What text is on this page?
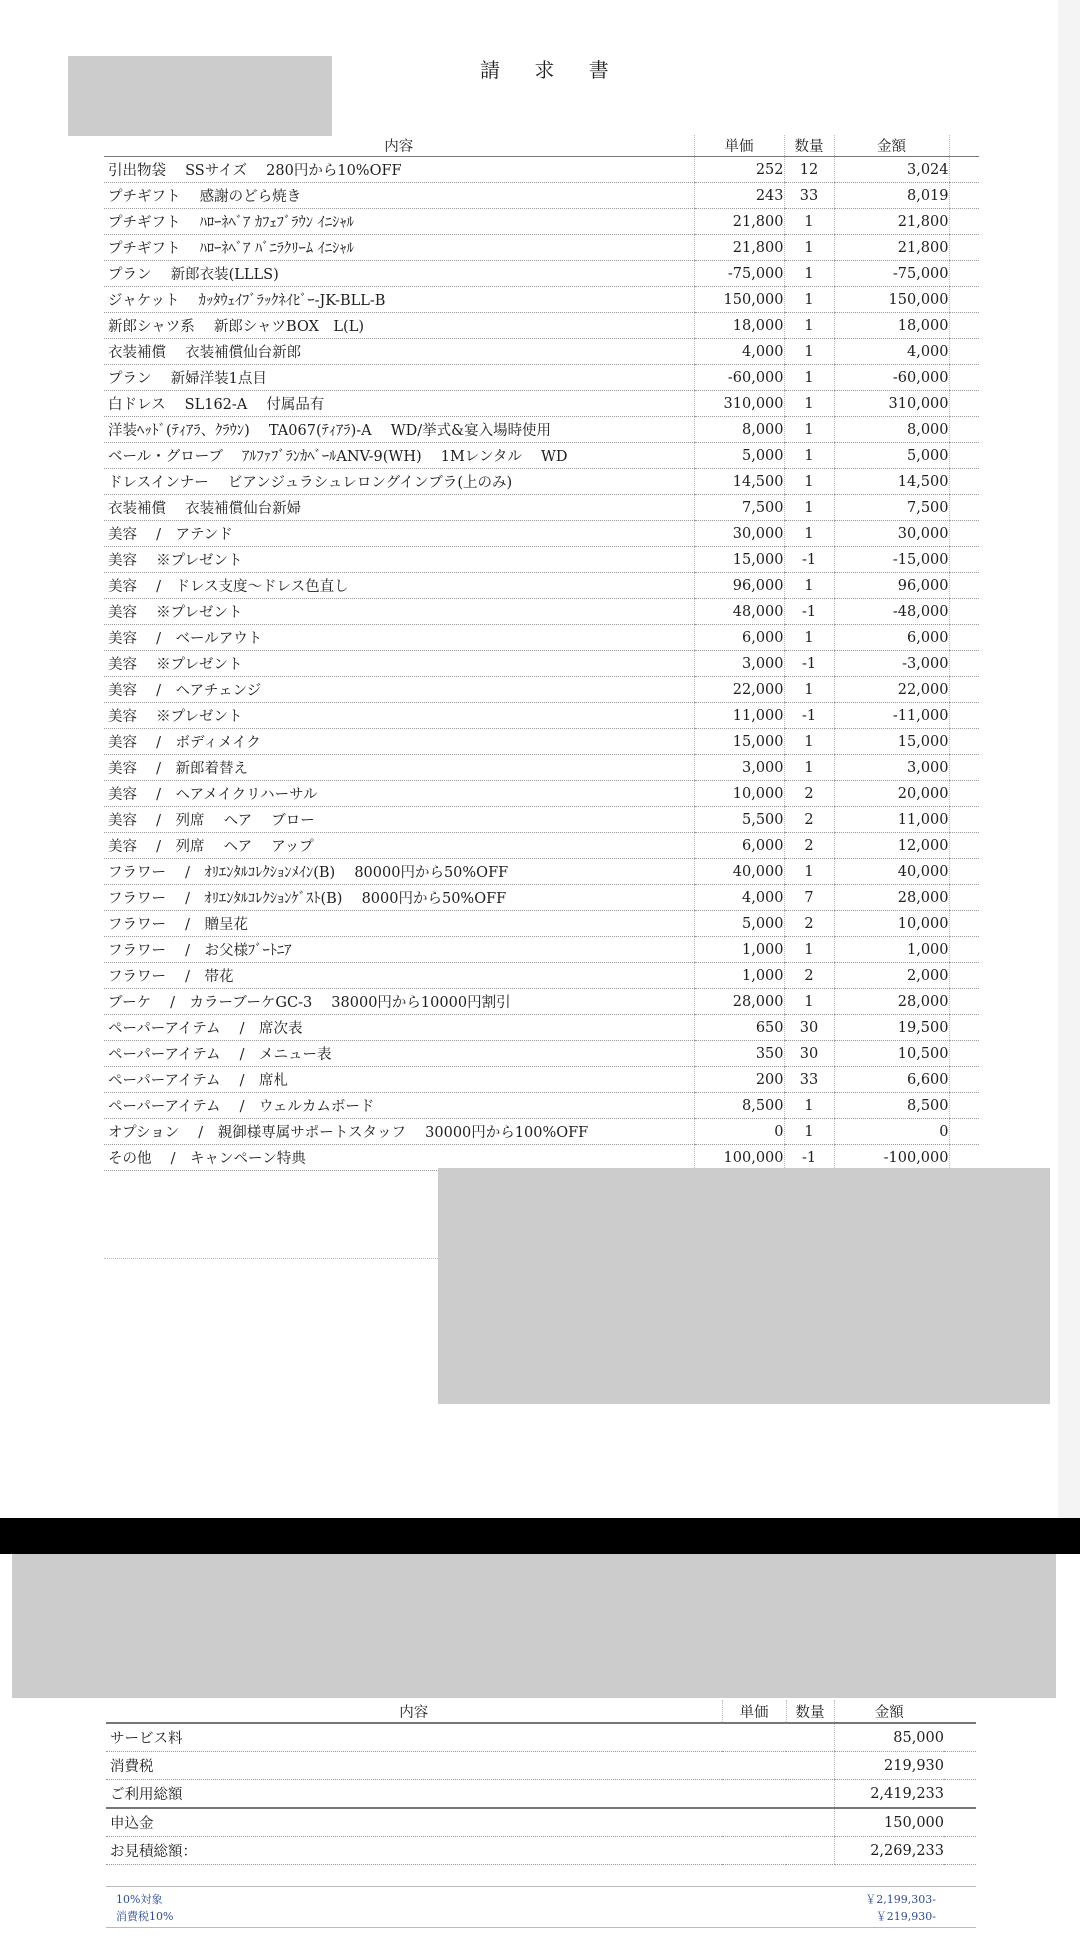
請 求 書
内容	単価	数量	金額	
引出物袋　 SSサイズ　 280円から10%OFF	252	12	3,024	
プチギフト　 感謝のどら焼き	243	33	8,019	
プチギフト　 ﾊﾛｰﾈﾍﾞｱ ｶﾌｪﾌﾞﾗｳﾝ ｲﾆｼｬﾙ	21,800	1	21,800	
プチギフト　 ﾊﾛｰﾈﾍﾞｱ ﾊﾞﾆﾗｸﾘｰﾑ ｲﾆｼｬﾙ	21,800	1	21,800	
プラン　 新郎衣装(LLLS)	-75,000	1	-75,000	
ジャケット　 ｶｯﾀｳｪｲﾌﾞﾗｯｸﾈｲﾋﾞｰ-JK-BLL-B	150,000	1	150,000	
新郎シャツ系　 新郎シャツBOX　L(L)	18,000	1	18,000	
衣装補償　 衣装補償仙台新郎	4,000	1	4,000	
プラン　 新婦洋装1点目	-60,000	1	-60,000	
白ドレス　 SL162-A　 付属品有	310,000	1	310,000	
洋装ﾍｯﾄﾞ(ﾃｨｱﾗ、ｸﾗｳﾝ)　 TA067(ﾃｨｱﾗ)-A　 WD/挙式&宴入場時使用	8,000	1	8,000	
ベール・グローブ　 ｱﾙﾌｧﾌﾞﾗﾝｶﾍﾞｰﾙANV-9(WH)　 1Mレンタル　 WD	5,000	1	5,000	
ドレスインナー　 ビアンジュラシュレロングインブラ(上のみ)	14,500	1	14,500	
衣装補償　 衣装補償仙台新婦	7,500	1	7,500	
美容　 /　アテンド	30,000	1	30,000	
美容　 ※プレゼント	15,000	-1	-15,000	
美容　 /　ドレス支度～ドレス色直し	96,000	1	96,000	
美容　 ※プレゼント	48,000	-1	-48,000	
美容　 /　ベールアウト	6,000	1	6,000	
美容　 ※プレゼント	3,000	-1	-3,000	
美容　 /　ヘアチェンジ	22,000	1	22,000	
美容　 ※プレゼント	11,000	-1	-11,000	
美容　 /　ボディメイク	15,000	1	15,000	
美容　 /　新郎着替え	3,000	1	3,000	
美容　 /　ヘアメイクリハーサル	10,000	2	20,000	
美容　 /　列席　 ヘア　 ブロー	5,500	2	11,000	
美容　 /　列席　 ヘア　 アップ	6,000	2	12,000	
フラワー　 /　ｵﾘｴﾝﾀﾙｺﾚｸｼｮﾝﾒｲﾝ(B)　 80000円から50%OFF	40,000	1	40,000	
フラワー　 /　ｵﾘｴﾝﾀﾙｺﾚｸｼｮﾝｹﾞｽﾄ(B)　 8000円から50%OFF	4,000	7	28,000	
フラワー　 /　贈呈花	5,000	2	10,000	
フラワー　 /　お父様ﾌﾞｰﾄﾆｱ	1,000	1	1,000	
フラワー　 /　帯花	1,000	2	2,000	
ブーケ　 /　カラーブーケGC-3　 38000円から10000円割引	28,000	1	28,000	
ペーパーアイテム　 /　席次表	650	30	19,500	
ペーパーアイテム　 /　メニュー表	350	30	10,500	
ペーパーアイテム　 /　席札	200	33	6,600	
ペーパーアイテム　 /　ウェルカムボード	8,500	1	8,500	
オプション　 /　親御様専属サポートスタッフ　 30000円から100%OFF	0	1	0	
その他　 /　キャンペーン特典	100,000	-1	-100,000	
内容	単価	数量	金額	
サービス料			85,000	
消費税			219,930	
ご利用総額			2,419,233	
申込金			150,000	
お見積総額：			2,269,233	
10%対象	￥2,199,303-
消費税10%	￥219,930-
